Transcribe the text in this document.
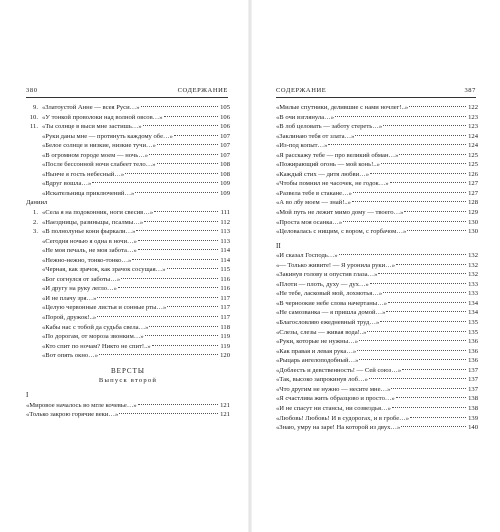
380	СОДЕРЖАНИЕ
9. «Златоустой Анне — всея Руси…»	105
10. «У тонкой проволоки над волной овсов…»	106
11. «Ты солнце в выси мне застишь…»	106
«Руки даны мне — протянуть каждому обе…»	107
«Белое солнце и низкие, низкие тучи…»	107
«В огромном городе моем — ночь…»	107
«После бессонной ночи слабеет тело…»	108
«Нынче я гость небесный…»	108
«Вдруг вошла…»	109
«Искательница приключений…»	109
Даниил
1. «Села я на подоконник, ноги свесив…»	111
2. «Наездницы, разиньщы, псалмы…»	112
3. «В полнолунье кони фыркали…»	113
«Сегодня ночью я одна в ночи…»	113
«Не моя печаль, не моя забота…»	114
«Нежно-нежно, тонко-тонко…»	114
«Черная, как зрачок, как зрачок сосущая…»	115
«Бог согнулся от заботы…»	116
«И другу на руку легло…»	116
«И не плачу зря…»	117
«Целую червонные листья и сонные рты…»	117
«Порой, дружок!..»	117
«Кабы нас с тобой да судьба свела…»	118
«По дорогам, от мороза звонким…»	119
«Кто спит по ночам? Никто не спит!..»	119
«Вот опять окно…»	120
ВЕРСТЫ
Выпуск второй
I
«Мировое началось во мгле кочевье…»	121
«Только закрою горячие веки…»	121
СОДЕРЖАНИЕ	387
«Милые спутники, делившие с нами ночлег!..»	122
«В очи взглянула…»	123
«В лоб целовать — заботу стереть…»	123
«Заклинаю тебя от злата…»	124
«Из-под копыт…»	124
«Я расскажу тебе — про великий обман…»	125
«Пожирающий огонь — мой конь!..»	125
«Каждый стих — дитя любви…»	126
«Чтобы помнил не часочек, не годок…»	127
«Развела тебе в стакане…»	127
«А во лбу моем — знай!..»	128
«Мой путь не лежит мимо дому — твоего…»	129
«Проста моя осанка…»	130
«Целовалась с нищим, с вором, с горбачом…»	130
II
«И сказал Господь…»	132
«— Только живите! — Я уронила руки…»	132
«Закинув голову и опустив глаза…»	132
«Плоти — плоть, духу — дух…»	133
«Не тебе, ласковый мой, лохмотья…»	133
«В черноокие небе слова начертаны…»	134
«Не самозванка — я пришла домой…»	134
«Благословляю ежедневный труд…»	135
«Слезы, слезы — живая вода!..»	135
«Руки, которые не нужны…»	136
«Как правая и левая рука…»	136
«Рыцарь ангелоподобный…»	136
«Доблесть и девственность! — Сей союз…»	137
«Так, высоко запрокинув лоб…»	137
«Что другим не нужно — несите мне…»	137
«Я счастлива жить образцово и просто…»	138
«И не спасут ни стансы, ни созвездья…»	138
«Любовь! Любовь! И в судорогах, и в гробе…»	139
«Знаю, умру на заре! На которой из двух…»	140
